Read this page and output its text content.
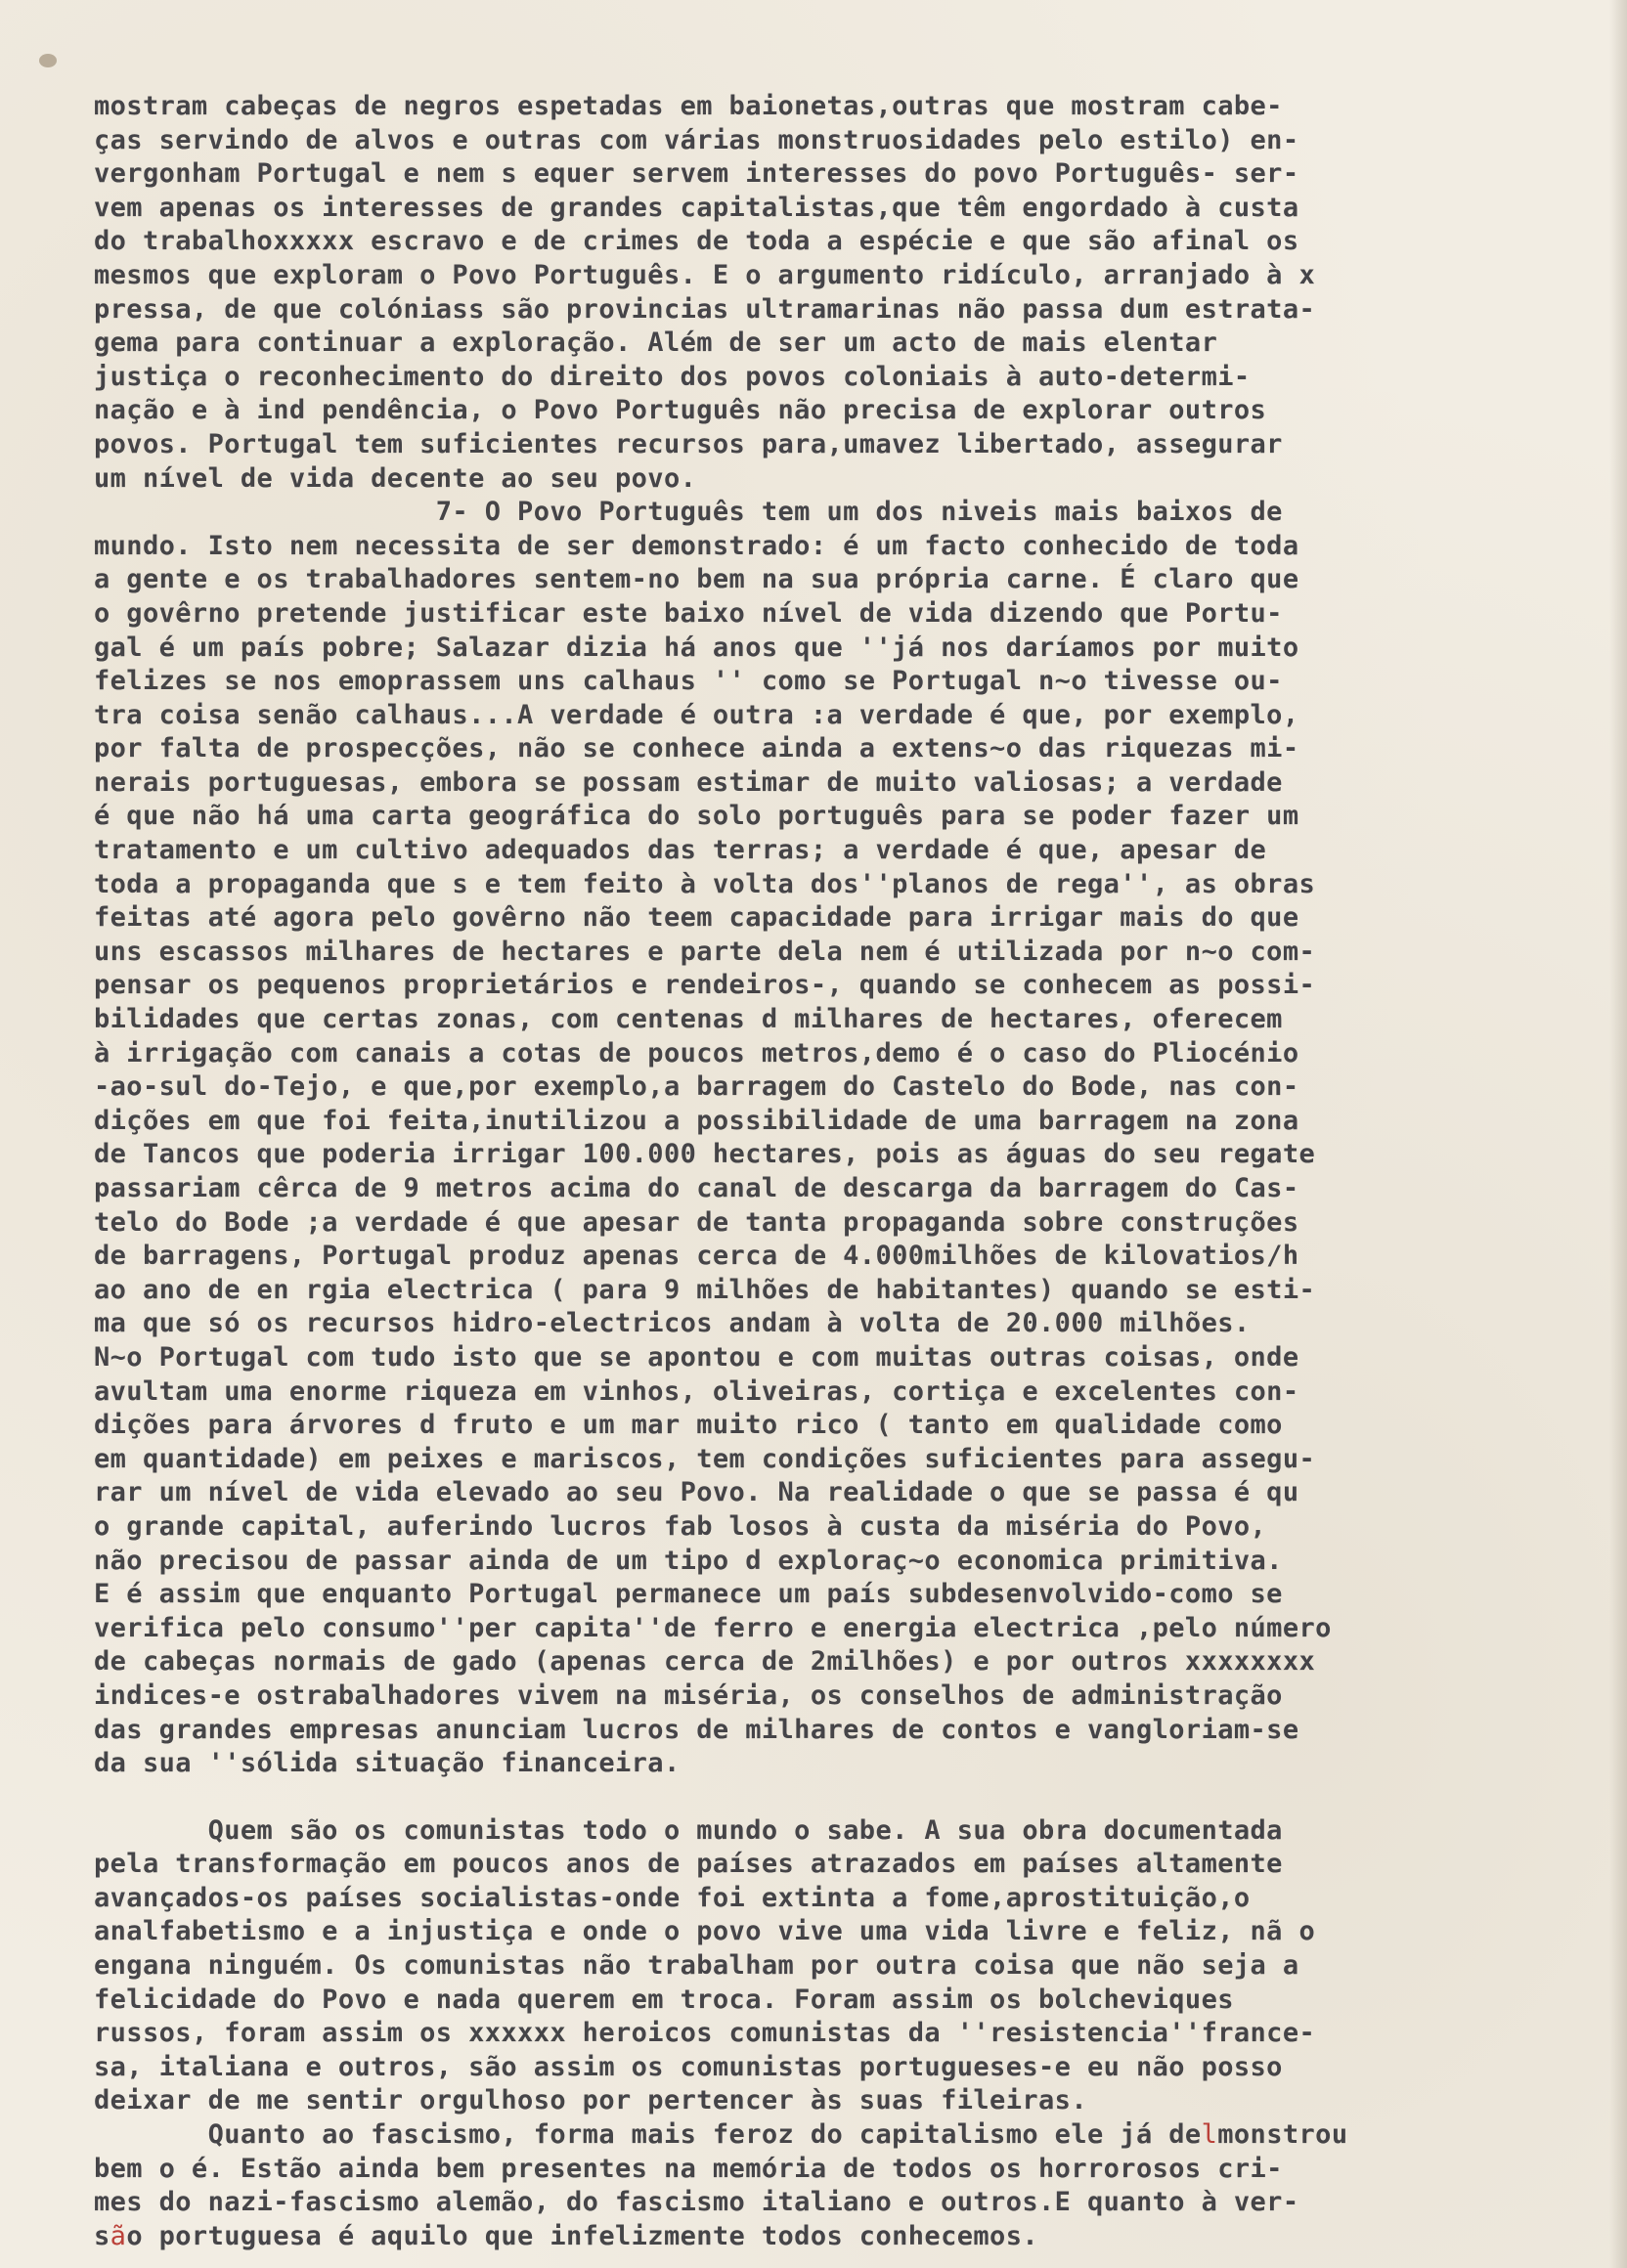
mostram cabeças de negros espetadas em baionetas,outras que mostram cabe-
ças servindo de alvos e outras com várias monstruosidades pelo estilo) en-
vergonham Portugal e nem s equer servem interesses do povo Português- ser-
vem apenas os interesses de grandes capitalistas,que têm engordado à custa
do trabalhoxxxxx escravo e de crimes de toda a espécie e que são afinal os
mesmos que exploram o Povo Português. E o argumento ridículo, arranjado à x
pressa, de que colóniass são provincias ultramarinas não passa dum estrata-
gema para continuar a exploração. Além de ser um acto de mais elentar
justiça o reconhecimento do direito dos povos coloniais à auto-determi-
nação e à ind pendência, o Povo Português não precisa de explorar outros
povos. Portugal tem suficientes recursos para,umavez libertado, assegurar
um nível de vida decente ao seu povo.
7- O Povo Português tem um dos niveis mais baixos de
mundo. Isto nem necessita de ser demonstrado: é um facto conhecido de toda
a gente e os trabalhadores sentem-no bem na sua própria carne. É claro que
o govêrno pretende justificar este baixo nível de vida dizendo que Portu-
gal é um país pobre; Salazar dizia há anos que ''já nos daríamos por muito
felizes se nos emoprassem uns calhaus '' como se Portugal n~o tivesse ou-
tra coisa senão calhaus...A verdade é outra :a verdade é que, por exemplo,
por falta de prospecções, não se conhece ainda a extens~o das riquezas mi-
nerais portuguesas, embora se possam estimar de muito valiosas; a verdade
é que não há uma carta geográfica do solo português para se poder fazer um
tratamento e um cultivo adequados das terras; a verdade é que, apesar de
toda a propaganda que s e tem feito à volta dos''planos de rega'', as obras
feitas até agora pelo govêrno não teem capacidade para irrigar mais do que
uns escassos milhares de hectares e parte dela nem é utilizada por n~o com-
pensar os pequenos proprietários e rendeiros-, quando se conhecem as possi-
bilidades que certas zonas, com centenas d milhares de hectares, oferecem
à irrigação com canais a cotas de poucos metros,demo é o caso do Pliocénio
-ao-sul do-Tejo, e que,por exemplo,a barragem do Castelo do Bode, nas con-
dições em que foi feita,inutilizou a possibilidade de uma barragem na zona
de Tancos que poderia irrigar 100.000 hectares, pois as águas do seu regate
passariam cêrca de 9 metros acima do canal de descarga da barragem do Cas-
telo do Bode ;a verdade é que apesar de tanta propaganda sobre construções
de barragens, Portugal produz apenas cerca de 4.000milhões de kilovatios/h
ao ano de en rgia electrica ( para 9 milhões de habitantes) quando se esti-
ma que só os recursos hidro-electricos andam à volta de 20.000 milhões.
N~o Portugal com tudo isto que se apontou e com muitas outras coisas, onde
avultam uma enorme riqueza em vinhos, oliveiras, cortiça e excelentes con-
dições para árvores d fruto e um mar muito rico ( tanto em qualidade como
em quantidade) em peixes e mariscos, tem condições suficientes para assegu-
rar um nível de vida elevado ao seu Povo. Na realidade o que se passa é qu
o grande capital, auferindo lucros fab losos à custa da miséria do Povo,
não precisou de passar ainda de um tipo d exploraç~o economica primitiva.
E é assim que enquanto Portugal permanece um país subdesenvolvido-como se
verifica pelo consumo''per capita''de ferro e energia electrica ,pelo número
de cabeças normais de gado (apenas cerca de 2milhões) e por outros xxxxxxxx
indices-e ostrabalhadores vivem na miséria, os conselhos de administração
das grandes empresas anunciam lucros de milhares de contos e vangloriam-se
da sua ''sólida situação financeira.
Quem são os comunistas todo o mundo o sabe. A sua obra documentada
pela transformação em poucos anos de países atrazados em países altamente
avançados-os países socialistas-onde foi extinta a fome,aprostituição,o
analfabetismo e a injustiça e onde o povo vive uma vida livre e feliz, nã o
engana ninguém. Os comunistas não trabalham por outra coisa que não seja a
felicidade do Povo e nada querem em troca. Foram assim os bolcheviques
russos, foram assim os xxxxxx heroicos comunistas da ''resistencia''france-
sa, italiana e outros, são assim os comunistas portugueses-e eu não posso
deixar de me sentir orgulhoso por pertencer às suas fileiras.
Quanto ao fascismo, forma mais feroz do capitalismo ele já delmonstrou
bem o é. Estão ainda bem presentes na memória de todos os horrorosos cri-
mes do nazi-fascismo alemão, do fascismo italiano e outros.E quanto à ver-
são portuguesa é aquilo que infelizmente todos conhecemos.
